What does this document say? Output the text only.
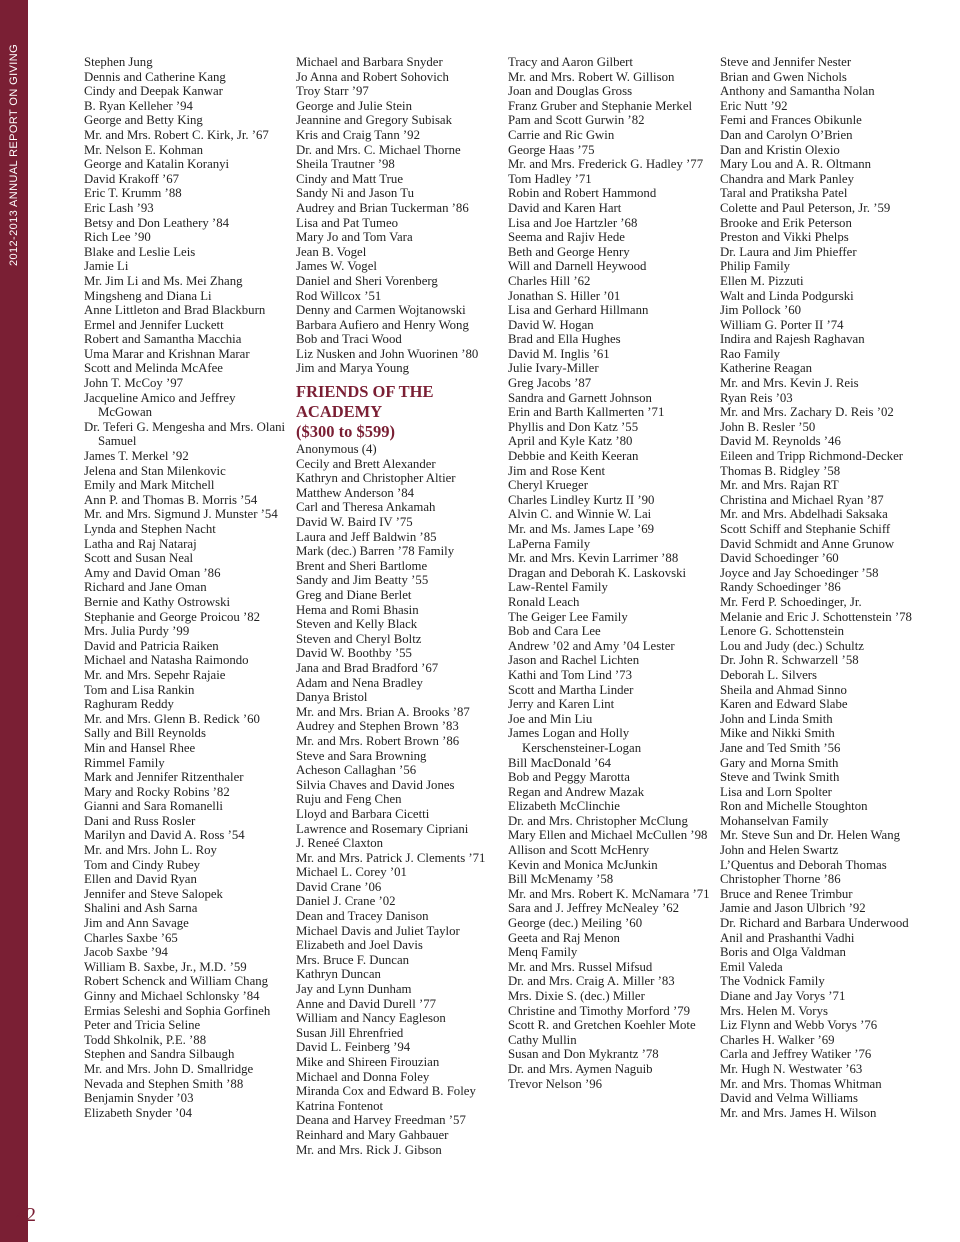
2012-2013 ANNUAL REPORT ON GIVING	Stephen Jung
Dennis and Catherine Kang
Cindy and Deepak Kanwar
B. Ryan Kelleher ’94
George and Betty King
Mr. and Mrs. Robert C. Kirk, Jr. ’67
Mr. Nelson E. Kohman
George and Katalin Koranyi
David Krakoff ’67
Eric T. Krumm ’88
Eric Lash ’93
Betsy and Don Leathery ’84
Rich Lee ’90
Blake and Leslie Leis
Jamie Li
Mr. Jim Li and Ms. Mei Zhang
Mingsheng and Diana Li
Anne Littleton and Brad Blackburn
Ermel and Jennifer Luckett
Robert and Samantha Macchia
Uma Marar and Krishnan Marar
Scott and Melinda McAfee
John T. McCoy ’97
Jacqueline Amico and Jeffrey McGowan
Dr. Teferi G. Mengesha and Mrs. Olani Samuel
James T. Merkel ’92
Jelena and Stan Milenkovic
Emily and Mark Mitchell
Ann P. and Thomas B. Morris ’54
Mr. and Mrs. Sigmund J. Munster ’54
Lynda and Stephen Nacht
Latha and Raj Nataraj
Scott and Susan Neal
Amy and David Oman ’86
Richard and Jane Oman
Bernie and Kathy Ostrowski
Stephanie and George Proicou ’82
Mrs. Julia Purdy ’99
David and Patricia Raiken
Michael and Natasha Raimondo
Mr. and Mrs. Sepehr Rajaie
Tom and Lisa Rankin
Raghuram Reddy
Mr. and Mrs. Glenn B. Redick ’60
Sally and Bill Reynolds
Min and Hansel Rhee
Rimmel Family
Mark and Jennifer Ritzenthaler
Mary and Rocky Robins ’82
Gianni and Sara Romanelli
Dani and Russ Rosler
Marilyn and David A. Ross ’54
Mr. and Mrs. John L. Roy
Tom and Cindy Rubey
Ellen and David Ryan
Jennifer and Steve Salopek
Shalini and Ash Sarna
Jim and Ann Savage
Charles Saxbe ’65
Jacob Saxbe ’94
William B. Saxbe, Jr., M.D. ’59
Robert Schenck and William Chang
Ginny and Michael Schlonsky ’84
Ermias Seleshi and Sophia Gorfineh
Peter and Tricia Seline
Todd Shkolnik, P.E. ’88
Stephen and Sandra Silbaugh
Mr. and Mrs. John D. Smallridge
Nevada and Stephen Smith ’88
Benjamin Snyder ’03
Elizabeth Snyder ’04
Michael and Barbara Snyder
Jo Anna and Robert Sohovich
Troy Starr ’97
George and Julie Stein
Jeannine and Gregory Subisak
Kris and Craig Tann ’92
Dr. and Mrs. C. Michael Thorne
Sheila Trautner ’98
Cindy and Matt True
Sandy Ni and Jason Tu
Audrey and Brian Tuckerman ’86
Lisa and Pat Tumeo
Mary Jo and Tom Vara
Jean B. Vogel
James W. Vogel
Daniel and Sheri Vorenberg
Rod Willcox ’51
Denny and Carmen Wojtanowski
Barbara Aufiero and Henry Wong
Bob and Traci Wood
Liz Nusken and John Wuorinen ’80
Jim and Marya Young
FRIENDS OF THE ACADEMY
($300 to $599)
Anonymous (4)
Cecily and Brett Alexander
Kathryn and Christopher Altier
Matthew Anderson ’84
Carl and Theresa Ankamah
David W. Baird IV ’75
Laura and Jeff Baldwin ’85
Mark (dec.) Barren ’78 Family
Brent and Sheri Bartlome
Sandy and Jim Beatty ’55
Greg and Diane Berlet
Hema and Romi Bhasin
Steven and Kelly Black
Steven and Cheryl Boltz
David W. Boothby ’55
Jana and Brad Bradford ’67
Adam and Nena Bradley
Danya Bristol
Mr. and Mrs. Brian A. Brooks ’87
Audrey and Stephen Brown ’83
Mr. and Mrs. Robert Brown ’86
Steve and Sara Browning
Acheson Callaghan ’56
Silvia Chaves and David Jones
Ruju and Feng Chen
Lloyd and Barbara Cicetti
Lawrence and Rosemary Cipriani
J. Reneé Claxton
Mr. and Mrs. Patrick J. Clements ’71
Michael L. Corey ’01
David Crane ’06
Daniel J. Crane ’02
Dean and Tracey Danison
Michael Davis and Juliet Taylor
Elizabeth and Joel Davis
Mrs. Bruce F. Duncan
Kathryn Duncan
Jay and Lynn Dunham
Anne and David Durell ’77
William and Nancy Eagleson
Susan Jill Ehrenfried
David L. Feinberg ’94
Mike and Shireen Firouzian
Michael and Donna Foley
Miranda Cox and Edward B. Foley
Katrina Fontenot
Deana and Harvey Freedman ’57
Reinhard and Mary Gahbauer
Mr. and Mrs. Rick J. Gibson
Tracy and Aaron Gilbert
Mr. and Mrs. Robert W. Gillison
Joan and Douglas Gross
Franz Gruber and Stephanie Merkel
Pam and Scott Gurwin ’82
Carrie and Ric Gwin
George Haas ’75
Mr. and Mrs. Frederick G. Hadley ’77
Tom Hadley ’71
Robin and Robert Hammond
David and Karen Hart
Lisa and Joe Hartzler ’68
Seema and Rajiv Hede
Beth and George Henry
Will and Darnell Heywood
Charles Hill ’62
Jonathan S. Hiller ’01
Lisa and Gerhard Hillmann
David W. Hogan
Brad and Ella Hughes
David M. Inglis ’61
Julie Ivary-Miller
Greg Jacobs ’87
Sandra and Garnett Johnson
Erin and Barth Kallmerten ’71
Phyllis and Don Katz ’55
April and Kyle Katz ’80
Debbie and Keith Keeran
Jim and Rose Kent
Cheryl Krueger
Charles Lindley Kurtz II ’90
Alvin C. and Winnie W. Lai
Mr. and Ms. James Lape ’69
LaPerna Family
Mr. and Mrs. Kevin Larrimer ’88
Dragan and Deborah K. Laskovski
Law-Rentel Family
Ronald Leach
The Geiger Lee Family
Bob and Cara Lee
Andrew ’02 and Amy ’04 Lester
Jason and Rachel Lichten
Kathi and Tom Lind ’73
Scott and Martha Linder
Jerry and Karen Lint
Joe and Min Liu
James Logan and Holly Kerschensteiner-Logan
Bill MacDonald ’64
Bob and Peggy Marotta
Regan and Andrew Mazak
Elizabeth McClinchie
Dr. and Mrs. Christopher McClung
Mary Ellen and Michael McCullen ’98
Allison and Scott McHenry
Kevin and Monica McJunkin
Bill McMenamy ’58
Mr. and Mrs. Robert K. McNamara ’71
Sara and J. Jeffrey McNealey ’62
George (dec.) Meiling ’60
Geeta and Raj Menon
Menq Family
Mr. and Mrs. Russel Mifsud
Dr. and Mrs. Craig A. Miller ’83
Mrs. Dixie S. (dec.) Miller
Christine and Timothy Morford ’79
Scott R. and Gretchen Koehler Mote
Cathy Mullin
Susan and Don Mykrantz ’78
Dr. and Mrs. Aymen Naguib
Trevor Nelson ’96
Steve and Jennifer Nester
Brian and Gwen Nichols
Anthony and Samantha Nolan
Eric Nutt ’92
Femi and Frances Obikunle
Dan and Carolyn O’Brien
Dan and Kristin Olexio
Mary Lou and A. R. Oltmann
Chandra and Mark Panley
Taral and Pratiksha Patel
Colette and Paul Peterson, Jr. ’59
Brooke and Erik Peterson
Preston and Vikki Phelps
Dr. Laura and Jim Phieffer
Philip Family
Ellen M. Pizzuti
Walt and Linda Podgurski
Jim Pollock ’60
William G. Porter II ’74
Indira and Rajesh Raghavan
Rao Family
Katherine Reagan
Mr. and Mrs. Kevin J. Reis
Ryan Reis ’03
Mr. and Mrs. Zachary D. Reis ’02
John B. Resler ’50
David M. Reynolds ’46
Eileen and Tripp Richmond-Decker
Thomas B. Ridgley ’58
Mr. and Mrs. Rajan RT
Christina and Michael Ryan ’87
Mr. and Mrs. Abdelhadi Saksaka
Scott Schiff and Stephanie Schiff
David Schmidt and Anne Grunow
David Schoedinger ’60
Joyce and Jay Schoedinger ’58
Randy Schoedinger ’86
Mr. Ferd P. Schoedinger, Jr.
Melanie and Eric J. Schottenstein ’78
Lenore G. Schottenstein
Lou and Judy (dec.) Schultz
Dr. John R. Schwarzell ’58
Deborah L. Silvers
Sheila and Ahmad Sinno
Karen and Edward Slabe
John and Linda Smith
Mike and Nikki Smith
Jane and Ted Smith ’56
Gary and Morna Smith
Steve and Twink Smith
Lisa and Lorn Spolter
Ron and Michelle Stoughton
Mohanselvan Family
Mr. Steve Sun and Dr. Helen Wang
John and Helen Swartz
L’Quentus and Deborah Thomas
Christopher Thorne ’86
Bruce and Renee Trimbur
Jamie and Jason Ulbrich ’92
Dr. Richard and Barbara Underwood
Anil and Prashanthi Vadhi
Boris and Olga Valdman
Emil Valeda
The Vodnick Family
Diane and Jay Vorys ’71
Mrs. Helen M. Vorys
Liz Flynn and Webb Vorys ’76
Charles H. Walker ’69
Carla and Jeffrey Watiker ’76
Mr. Hugh N. Westwater ’63
Mr. and Mrs. Thomas Whitman
David and Velma Williams
Mr. and Mrs. James H. Wilson
42
